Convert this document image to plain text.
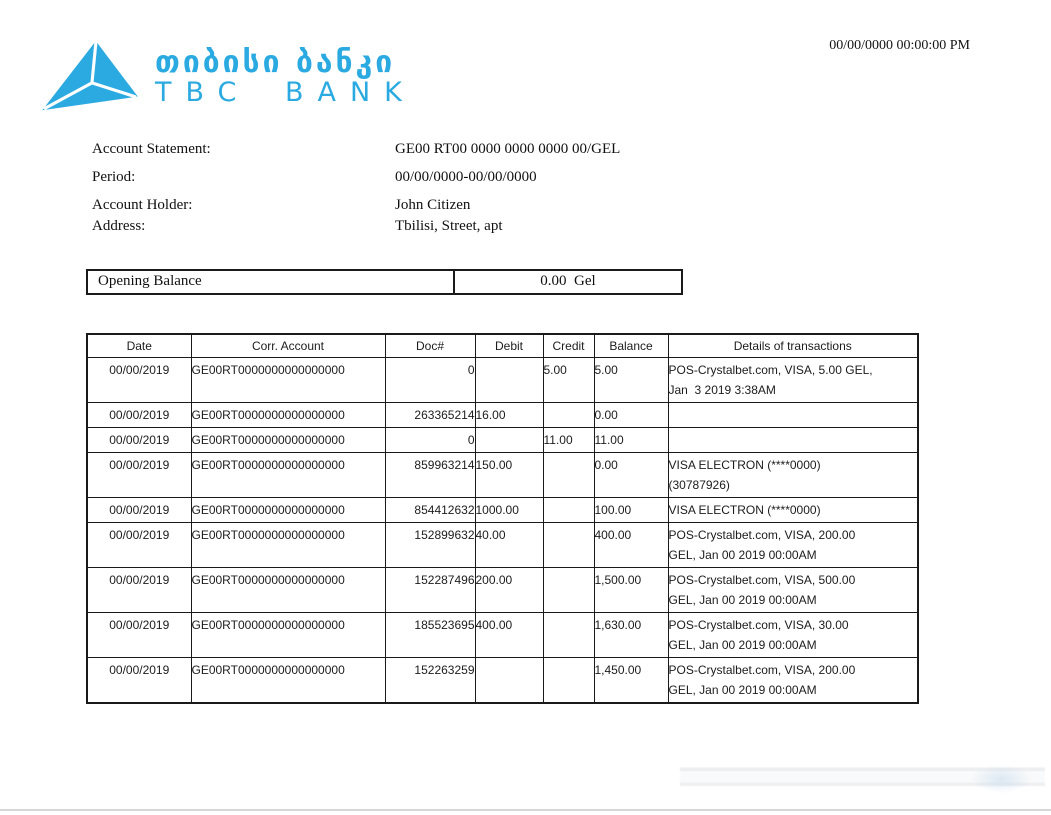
00/00/0000 00:00:00 PM
თიბისი ბანკი
TBC BANK
Account Statement:	GE00 RT00 0000 0000 0000 00/GEL
Period:	00/00/0000-00/00/0000
Account Holder:	John Citizen
Address:	Tbilisi, Street, apt
Opening Balance	0.00  Gel
Date	Corr. Account	Doc#	Debit	Credit	Balance	Details of transactions
00/00/2019	GE00RT0000000000000000	0		5.00	5.00	POS-Crystalbet.com, VISA, 5.00 GEL,
Jan  3 2019 3:38AM

00/00/2019	GE00RT0000000000000000	263365214	16.00		0.00	
00/00/2019	GE00RT0000000000000000	0		11.00	11.00	
00/00/2019	GE00RT0000000000000000	859963214	150.00		0.00	VISA ELECTRON (****0000)
(30787926)

00/00/2019	GE00RT0000000000000000	854412632	1000.00		100.00	VISA ELECTRON (****0000)

00/00/2019	GE00RT0000000000000000	152899632	40.00		400.00	POS-Crystalbet.com, VISA, 200.00
GEL, Jan 00 2019 00:00AM

00/00/2019	GE00RT0000000000000000	152287496	200.00		1,500.00	POS-Crystalbet.com, VISA, 500.00
GEL, Jan 00 2019 00:00AM

00/00/2019	GE00RT0000000000000000	185523695	400.00		1,630.00	POS-Crystalbet.com, VISA, 30.00
GEL, Jan 00 2019 00:00AM

00/00/2019	GE00RT0000000000000000	152263259			1,450.00	POS-Crystalbet.com, VISA, 200.00
GEL, Jan 00 2019 00:00AM
